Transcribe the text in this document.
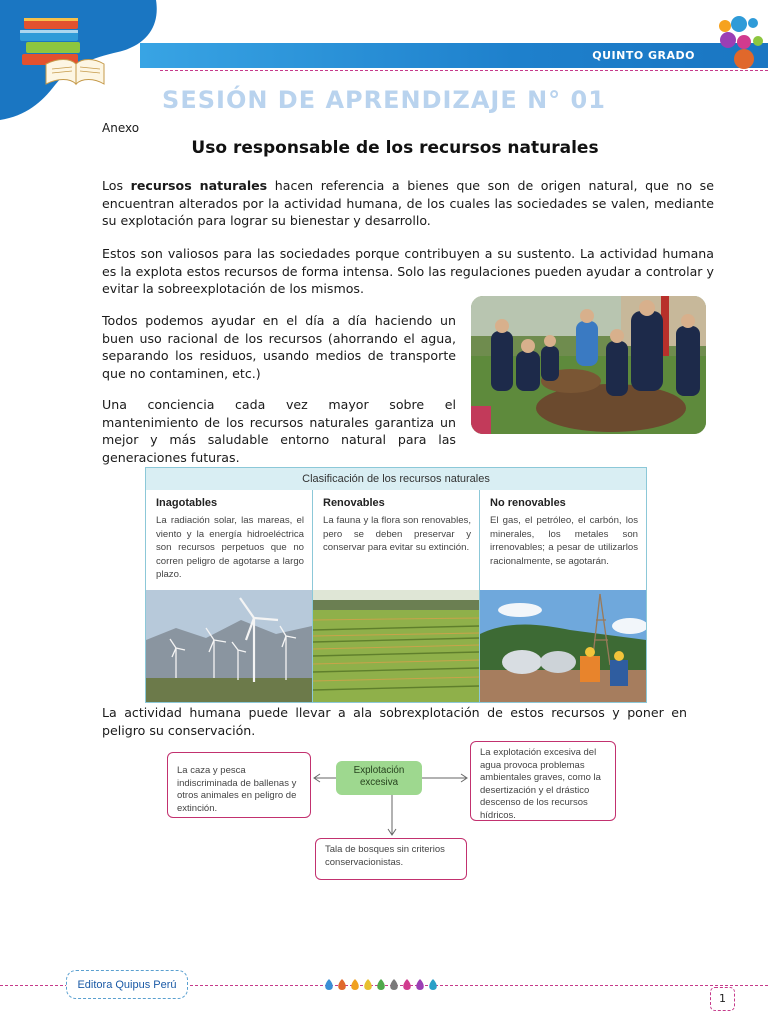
QUINTO GRADO
SESIÓN DE APRENDIZAJE N° 01
Anexo
Uso responsable de los recursos naturales

Los recursos naturales hacen referencia a bienes que son de origen natural, que no se encuentran alterados por la actividad humana, de los cuales las sociedades se valen, mediante su explotación para lograr su bienestar y desarrollo.

Estos son valiosos para las sociedades porque contribuyen a su sustento. La actividad humana es la explota estos recursos de forma intensa. Solo las regulaciones pueden ayudar a controlar y evitar la sobreexplotación de los mismos.

Todos podemos ayudar en el día a día haciendo un buen uso racional de los recursos (ahorrando el agua, separando los residuos, usando medios de transporte que no contaminen, etc.)

Una conciencia cada vez mayor sobre el mantenimiento de los recursos naturales garantiza un mejor y más saludable entorno natural para las generaciones futuras.

Clasificación de los recursos naturales
Inagotables

La radiación solar, las mareas, el viento y la energía hidroeléctrica son recursos perpetuos que no corren peligro de agotarse a largo plazo.

Renovables

La fauna y la flora son renovables, pero se deben preservar y conservar para evitar su extinción.

No renovables

El gas, el petróleo, el carbón, los minerales, los metales son irrenovables; a pesar de utilizarlos racionalmente, se agotarán.

La actividad humana puede llevar a ala sobrexplotación de estos recursos y poner en peligro su conservación.

La caza y pesca indiscriminada de ballenas y otros animales en peligro de extinción.
Explotación excesiva
La explotación excesiva del agua provoca problemas ambientales graves, como la desertización y el drástico descenso de los recursos hídricos.
Tala de bosques sin criterios conservacionistas.
Editora Quipus Perú
1
